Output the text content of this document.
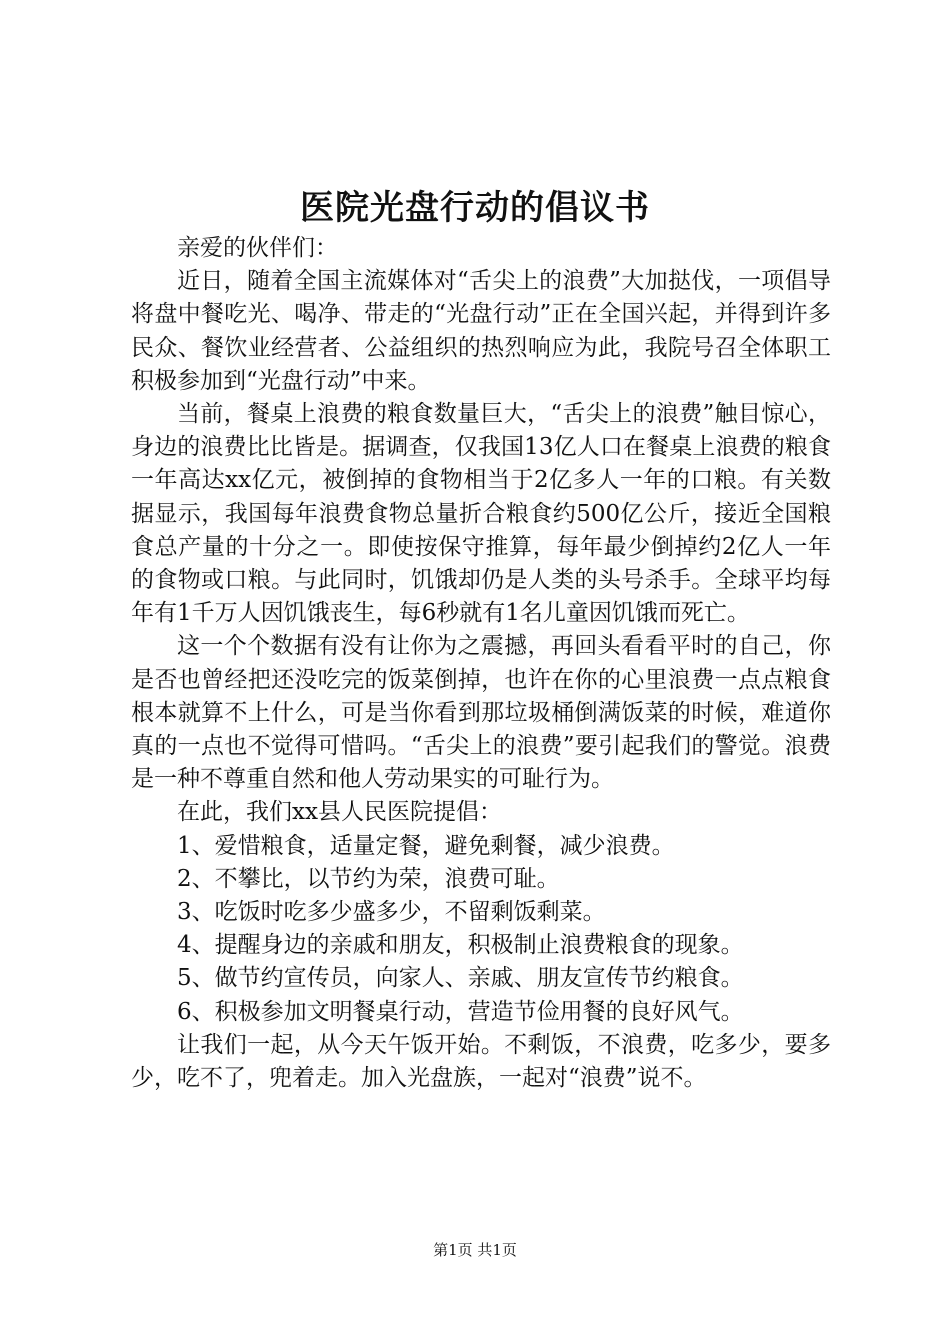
医院光盘行动的倡议书

亲爱的伙伴们：

近日，随着全国主流媒体对“舌尖上的浪费”大加挞伐，一项倡导将盘中餐吃光、喝净、带走的“光盘行动”正在全国兴起，并得到许多民众、餐饮业经营者、公益组织的热烈响应为此，我院号召全体职工积极参加到“光盘行动”中来。

当前，餐桌上浪费的粮食数量巨大，“舌尖上的浪费”触目惊心，身边的浪费比比皆是。据调查，仅我国13亿人口在餐桌上浪费的粮食一年高达xx亿元，被倒掉的食物相当于2亿多人一年的口粮。有关数据显示，我国每年浪费食物总量折合粮食约500亿公斤，接近全国粮食总产量的十分之一。即使按保守推算，每年最少倒掉约2亿人一年的食物或口粮。与此同时，饥饿却仍是人类的头号杀手。全球平均每年有1千万人因饥饿丧生，每6秒就有1名儿童因饥饿而死亡。

这一个个数据有没有让你为之震撼，再回头看看平时的自己，你是否也曾经把还没吃完的饭菜倒掉，也许在你的心里浪费一点点粮食根本就算不上什么，可是当你看到那垃圾桶倒满饭菜的时候，难道你真的一点也不觉得可惜吗。“舌尖上的浪费”要引起我们的警觉。浪费是一种不尊重自然和他人劳动果实的可耻行为。

在此，我们xx县人民医院提倡：

1、爱惜粮食，适量定餐，避免剩餐，减少浪费。

2、不攀比，以节约为荣，浪费可耻。

3、吃饭时吃多少盛多少，不留剩饭剩菜。

4、提醒身边的亲戚和朋友，积极制止浪费粮食的现象。

5、做节约宣传员，向家人、亲戚、朋友宣传节约粮食。

6、积极参加文明餐桌行动，营造节俭用餐的良好风气。

让我们一起，从今天午饭开始。不剩饭，不浪费，吃多少，要多少，吃不了，兜着走。加入光盘族，一起对“浪费”说不。

第1页 共1页
